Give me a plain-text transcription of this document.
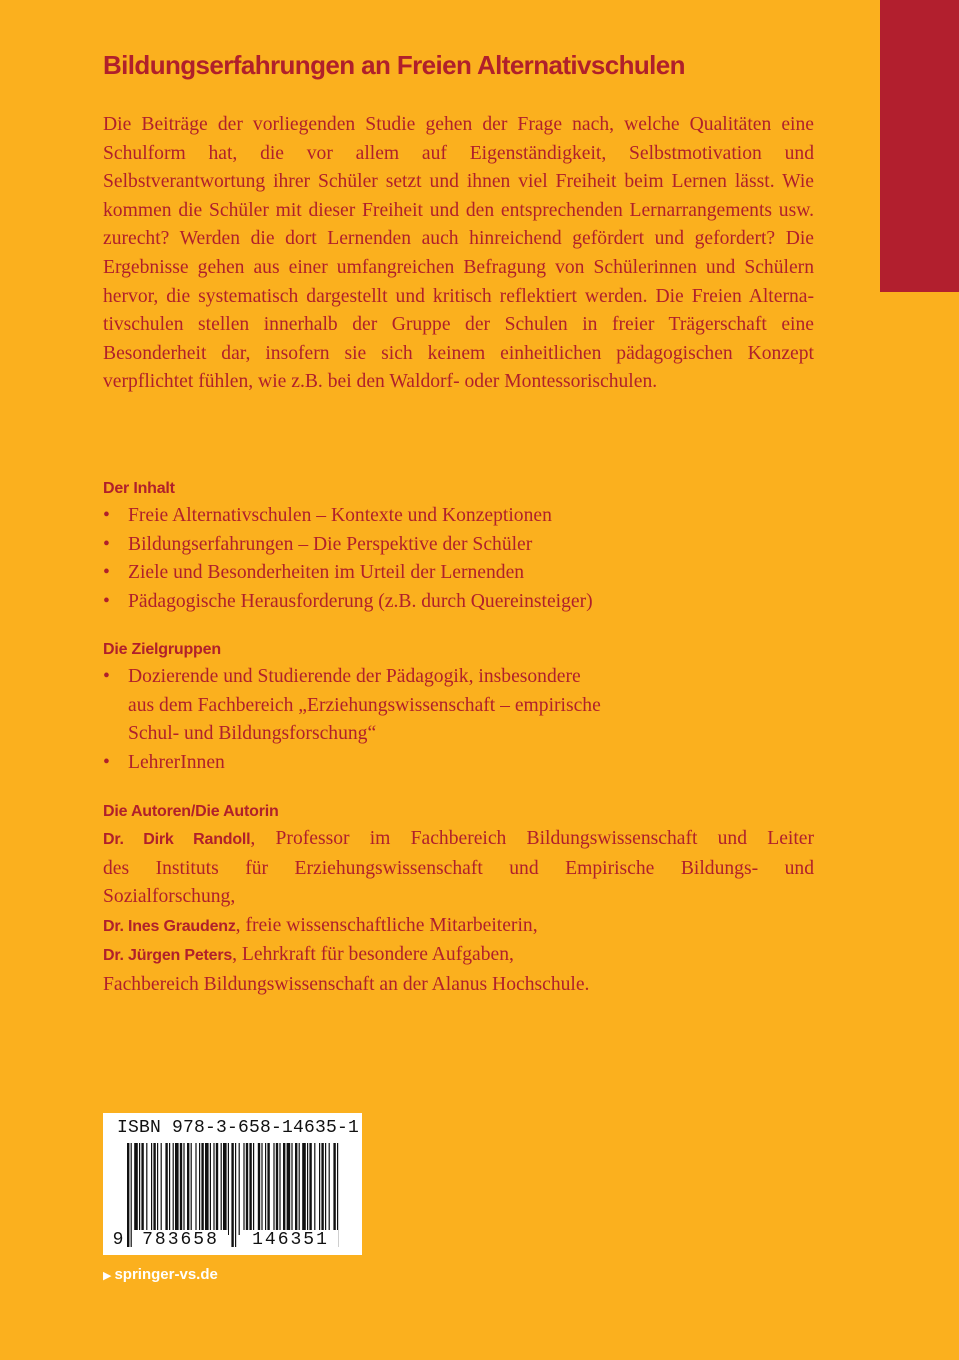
Bildungserfahrungen an Freien Alternativschulen

Die Beiträge der vorliegenden Studie gehen der Frage nach, welche Qualitäten eine Schulform hat, die vor allem auf Eigenständigkeit, Selbstmotivation und Selbstverantwortung ihrer Schüler setzt und ihnen viel Freiheit beim Lernen lässt. Wie kommen die Schüler mit dieser Freiheit und den entsprechenden Lernarrangements usw. zurecht? Werden die dort Lernenden auch hinreichend gefördert und gefordert? Die Ergebnisse gehen aus einer umfangreichen Befragung von Schülerinnen und Schülern hervor, die systematisch dargestellt und kritisch reflektiert werden. Die Freien Alternativschulen stellen innerhalb der Gruppe der Schulen in freier Trägerschaft eine Besonderheit dar, insofern sie sich keinem einheitlichen pädagogischen Konzept verpflichtet fühlen, wie z.B. bei den Waldorf- oder Montessorischulen.

Der Inhalt
• Freie Alternativschulen – Kontexte und Konzeptionen
• Bildungserfahrungen – Die Perspektive der Schüler
• Ziele und Besonderheiten im Urteil der Lernenden
• Pädagogische Herausforderung (z.B. durch Quereinsteiger)
Die Zielgruppen
• Dozierende und Studierende der Pädagogik, insbesondere
aus dem Fachbereich „Erziehungswissenschaft – empirische
Schul- und Bildungsforschung“
• LehrerInnen
Die Autoren/Die Autorin
Dr. Dirk Randoll, Professor im Fachbereich Bildungswissenschaft und Leiter
des Instituts für Erziehungswissenschaft und Empirische Bildungs- und
Sozialforschung,
Dr. Ines Graudenz, freie wissenschaftliche Mitarbeiterin,
Dr. Jürgen Peters, Lehrkraft für besondere Aufgaben,
Fachbereich Bildungswissenschaft an der Alanus Hochschule.
ISBN 978-3-658-14635-1
9	783658	146351
▶ springer-vs.de
